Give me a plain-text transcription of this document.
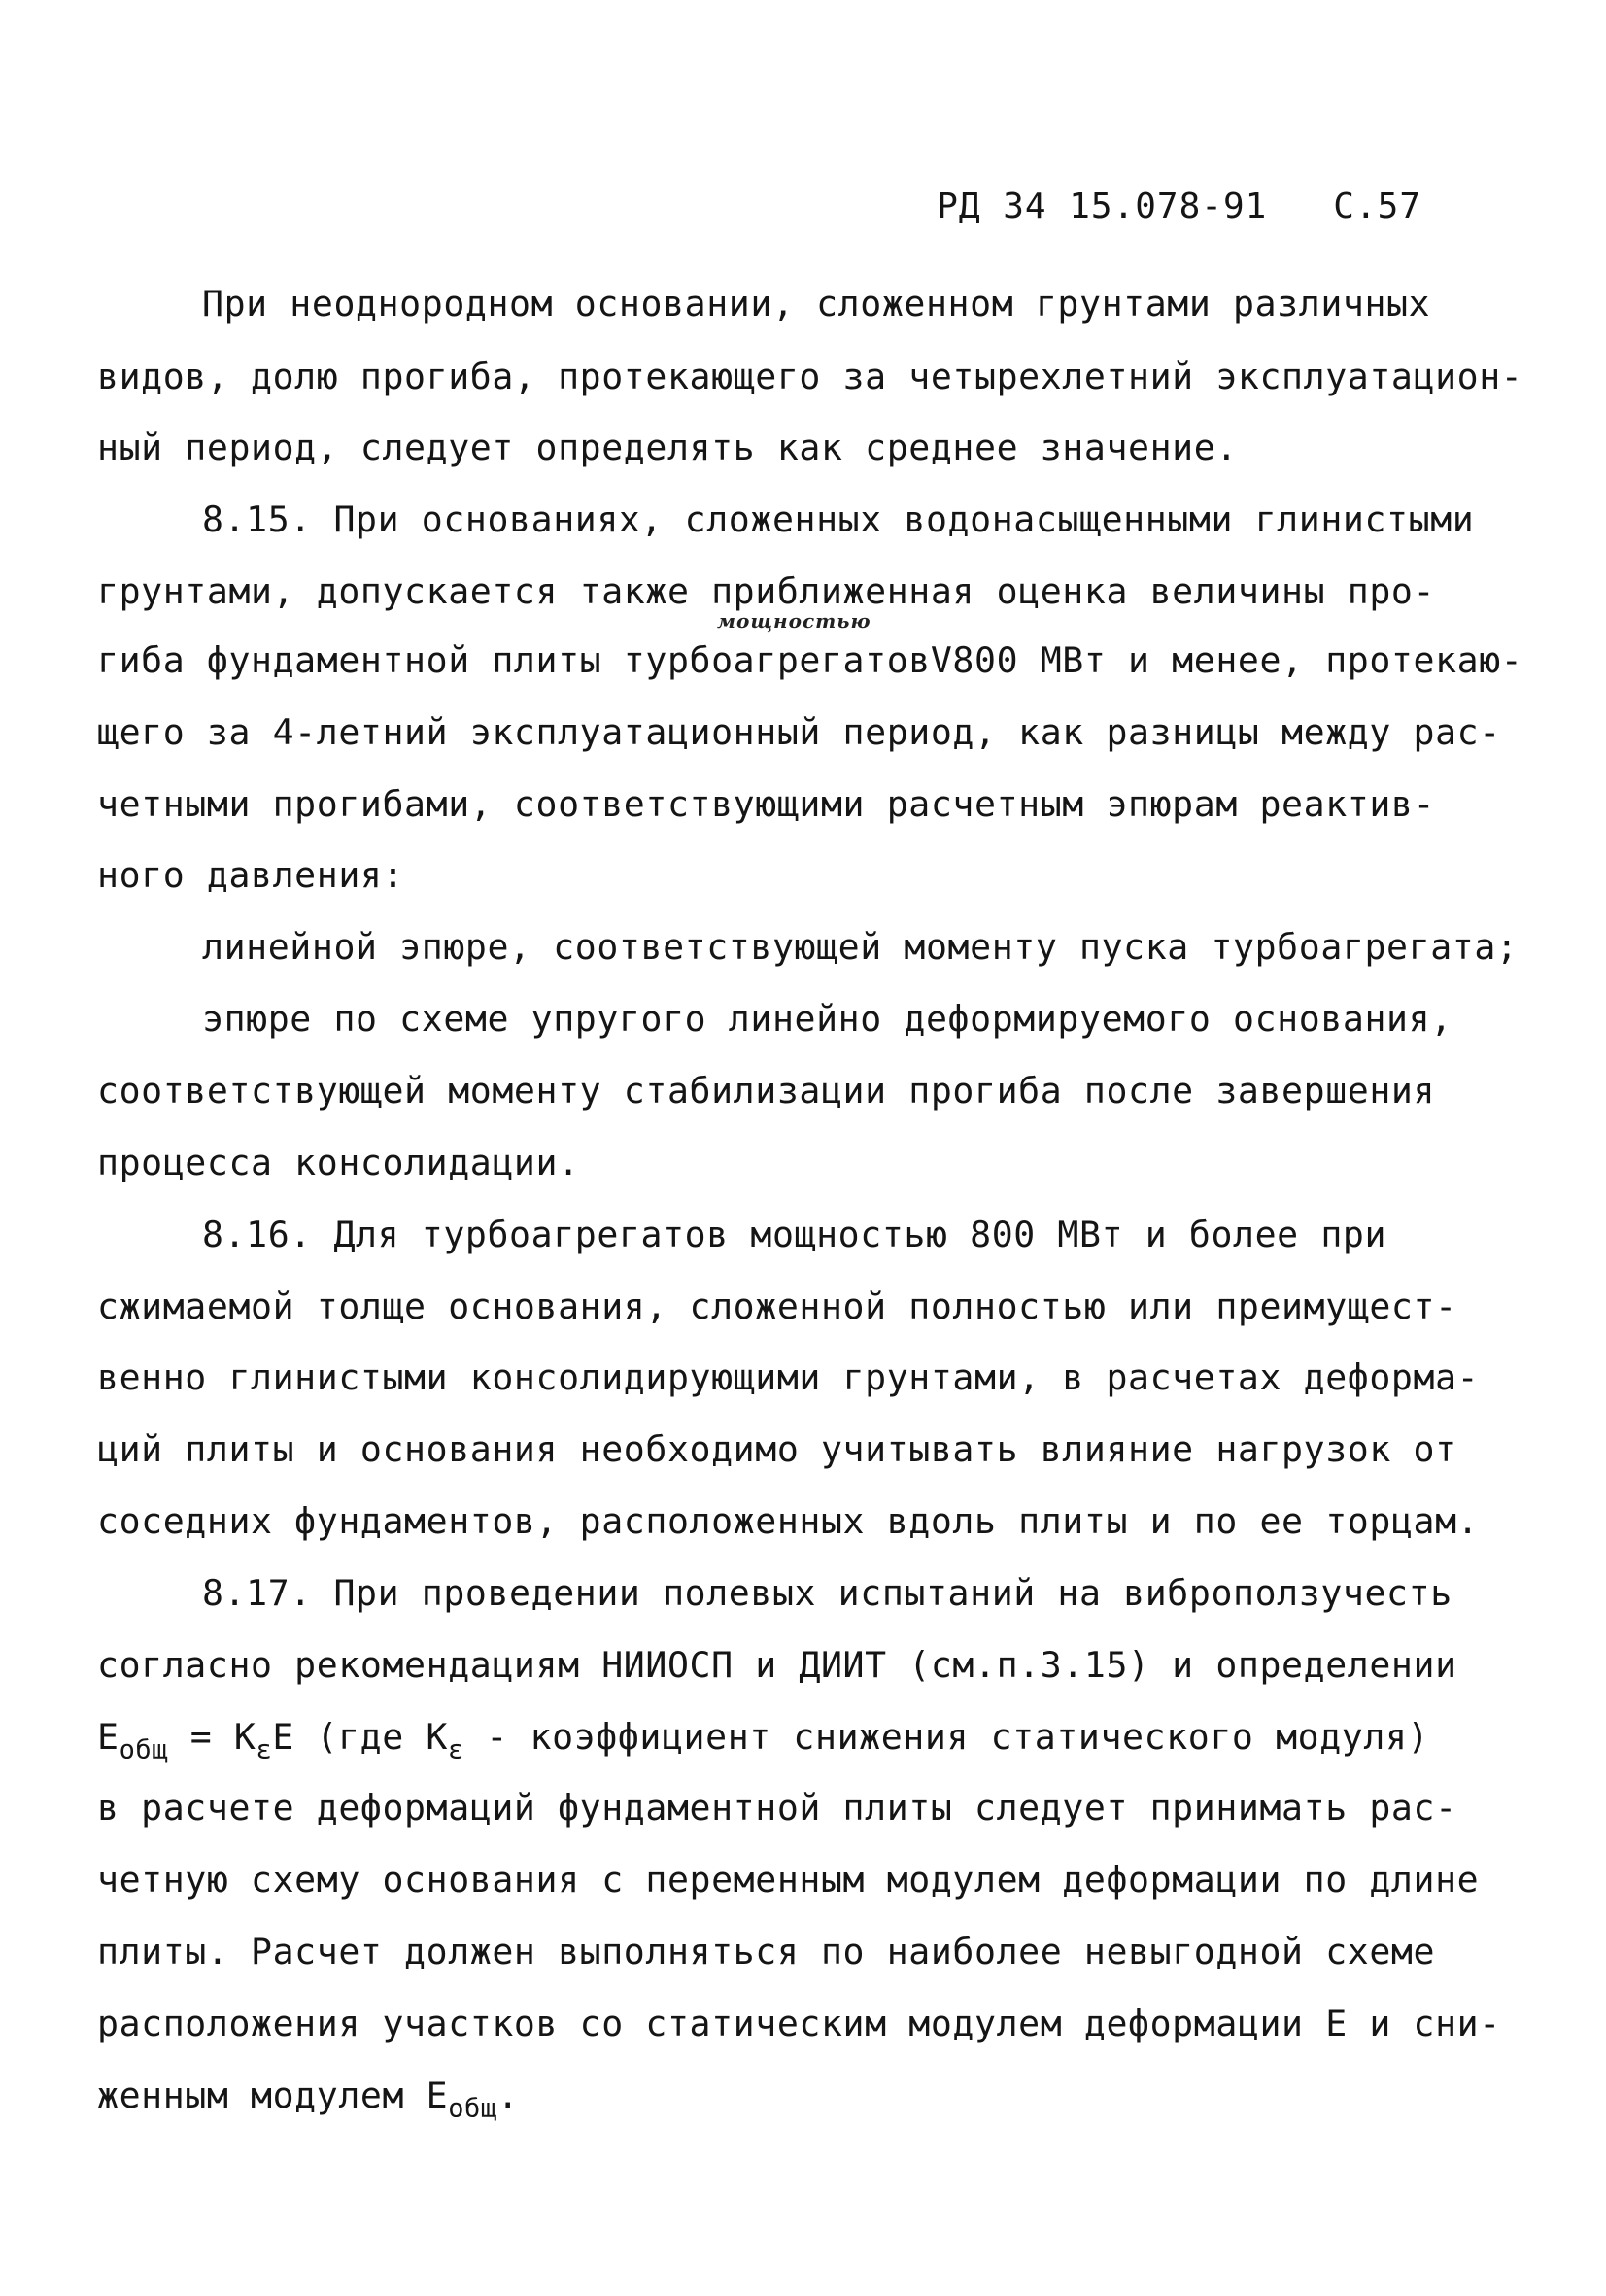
РД 34 15.078-91 С.57
При неоднородном основании, сложенном грунтами различных
видов, долю прогиба, протекающего за четырехлетний эксплуатацион-
ный период, следует определять как среднее значение.
8.15. При основаниях, сложенных водонасыщенными глинистыми
грунтами, допускается также приближенная оценка величины про-
мощностью
гиба фундаментной плиты турбоагрегатовV800 МВт и менее, протекаю-
щего за 4-летний эксплуатационный период, как разницы между рас-
четными прогибами, соответствующими расчетным эпюрам реактив-
ного давления:
линейной эпюре, соответствующей моменту пуска турбоагрегата;
эпюре по схеме упругого линейно деформируемого основания,
соответствующей моменту стабилизации прогиба после завершения
процесса консолидации.
8.16. Для турбоагрегатов мощностью 800 МВт и более при
сжимаемой толще основания, сложенной полностью или преимущест-
венно глинистыми консолидирующими грунтами, в расчетах деформа-
ций плиты и основания необходимо учитывать влияние нагрузок от
соседних фундаментов, расположенных вдоль плиты и по ее торцам.
8.17. При проведении полевых испытаний на виброползучесть
согласно рекомендациям НИИОСП и ДИИТ (см.п.3.15) и определении
$E_{общ} = K_\varepsilon E$ (где $K_\varepsilon$ - коэффициент снижения статического модуля)
в расчете деформаций фундаментной плиты следует принимать рас-
четную схему основания с переменным модулем деформации по длине
плиты. Расчет должен выполняться по наиболее невыгодной схеме
расположения участков со статическим модулем деформации E и сни-
женным модулем $E_{общ}$.
